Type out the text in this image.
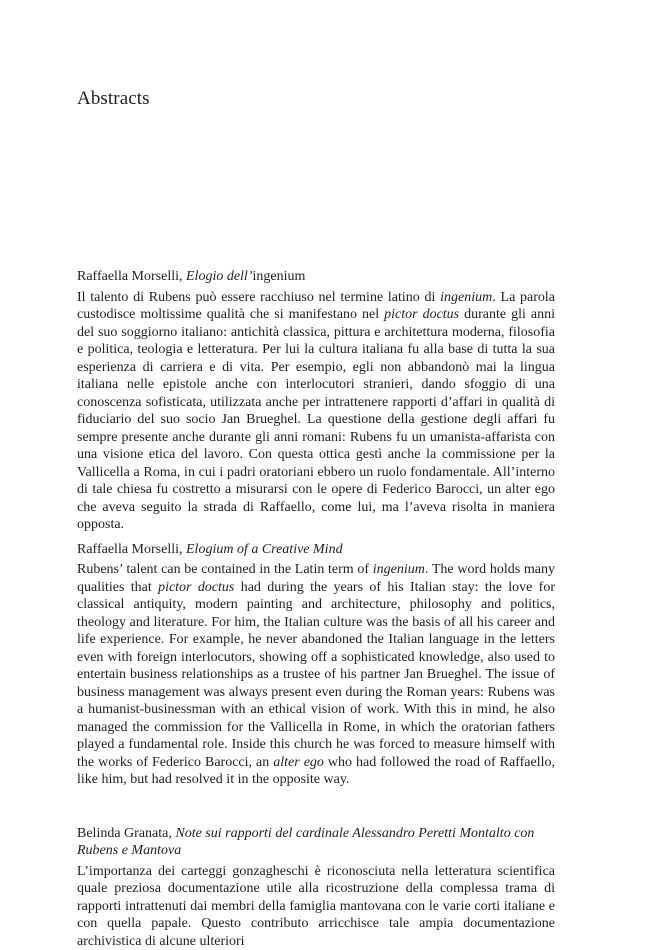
Abstracts

Raffaella Morselli, Elogio dell’ingenium

Il talento di Rubens può essere racchiuso nel termine latino di ingenium. La parola custodisce moltissime qualità che si manifestano nel pictor doctus durante gli anni del suo soggiorno italiano: antichità classica, pittura e architettura moderna, filosofia e politica, teologia e letteratura. Per lui la cultura italiana fu alla base di tutta la sua esperienza di carriera e di vita. Per esempio, egli non abbandonò mai la lingua italiana nelle epistole anche con interlocutori stranieri, dando sfoggio di una conoscenza sofisticata, utilizzata anche per intrattenere rapporti d’affari in qualità di fiduciario del suo socio Jan Brueghel. La questione della gestione degli affari fu sempre presente anche durante gli anni romani: Rubens fu un umanista-affarista con una visione etica del lavoro. Con questa ottica gestì anche la commissione per la Vallicella a Roma, in cui i padri oratoriani ebbero un ruolo fondamentale. All’interno di tale chiesa fu costretto a misurarsi con le opere di Federico Barocci, un alter ego che aveva seguito la strada di Raffaello, come lui, ma l’aveva risolta in maniera opposta.

Raffaella Morselli, Elogium of a Creative Mind

Rubens’ talent can be contained in the Latin term of ingenium. The word holds many qualities that pictor doctus had during the years of his Italian stay: the love for classical antiquity, modern painting and architecture, philosophy and politics, theology and literature. For him, the Italian culture was the basis of all his career and life experience. For example, he never abandoned the Italian language in the letters even with foreign interlocutors, showing off a sophisticated knowledge, also used to entertain business relationships as a trustee of his partner Jan Brueghel. The issue of business management was always present even during the Roman years: Rubens was a humanist-businessman with an ethical vision of work. With this in mind, he also managed the commission for the Vallicella in Rome, in which the oratorian fathers played a fundamental role. Inside this church he was forced to measure himself with the works of Federico Barocci, an alter ego who had followed the road of Raffaello, like him, but had resolved it in the opposite way.

Belinda Granata, Note sui rapporti del cardinale Alessandro Peretti Montalto con Rubens e Mantova

L’importanza dei carteggi gonzagheschi è riconosciuta nella letteratura scientifica quale preziosa documentazione utile alla ricostruzione della complessa trama di rapporti intrattenuti dai membri della famiglia mantovana con le varie corti italiane e con quella papale. Questo contributo arricchisce tale ampia documentazione archivistica di alcune ulteriori
